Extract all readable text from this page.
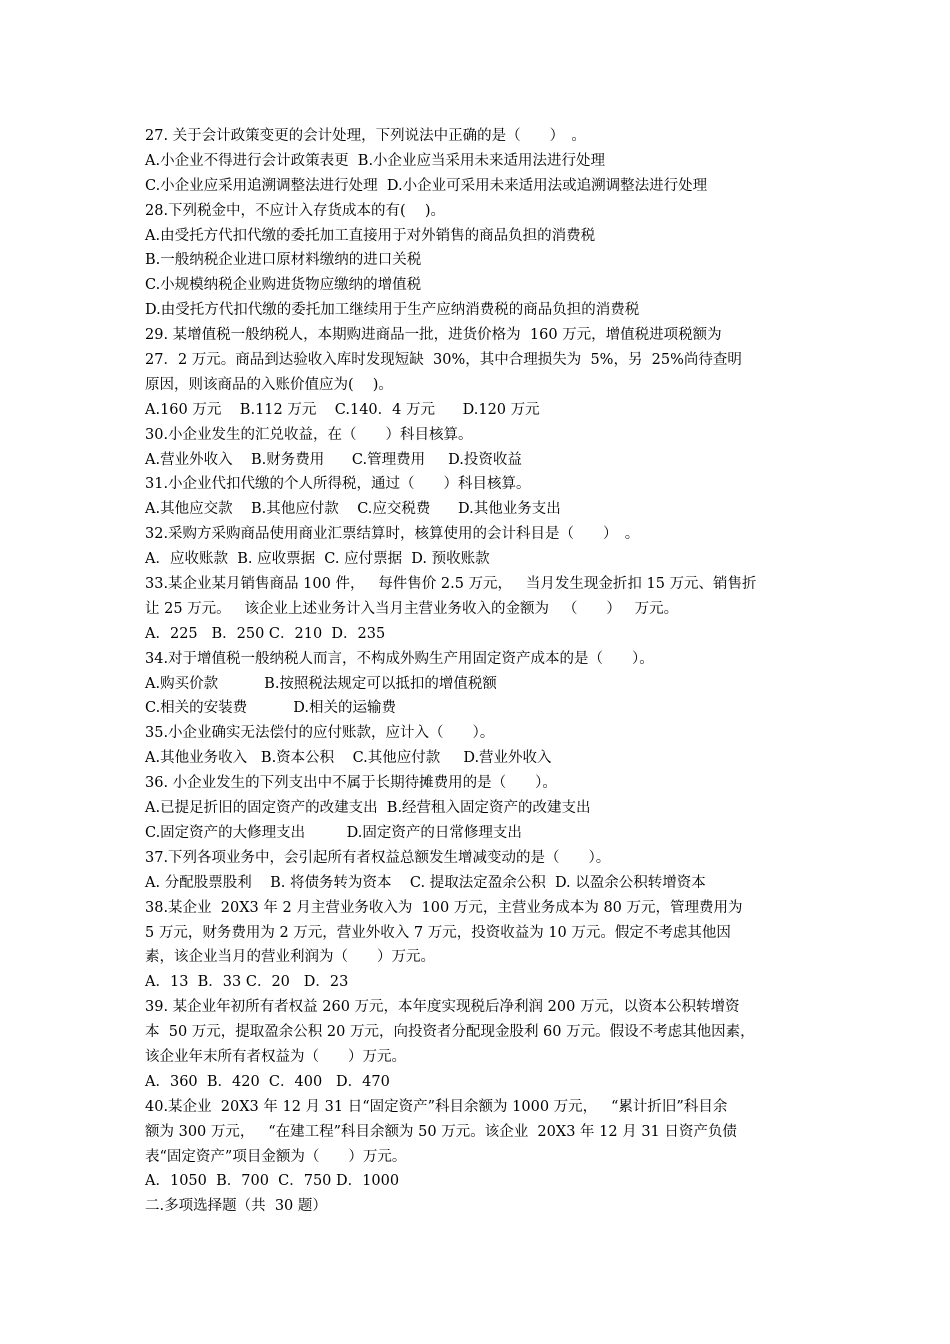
27. 关于会计政策变更的会计处理，下列说法中正确的是（　　）　。
A.小企业不得进行会计政策表更  B.小企业应当采用未来适用法进行处理
C.小企业应采用追溯调整法进行处理  D.小企业可采用未来适用法或追溯调整法进行处理
28.下列税金中，不应计入存货成本的有(　 )。
A.由受托方代扣代缴的委托加工直接用于对外销售的商品负担的消费税
B.一般纳税企业进口原材料缴纳的进口关税
C.小规模纳税企业购进货物应缴纳的增值税
D.由受托方代扣代缴的委托加工继续用于生产应纳消费税的商品负担的消费税
29. 某增值税一般纳税人，本期购进商品一批，进货价格为  160 万元，增值税进项税额为
27．2 万元。商品到达验收入库时发现短缺  30%，其中合理损失为  5%，另  25%尚待查明
原因，则该商品的入账价值应为(　 )。
A.160 万元    B.112 万元    C.140．4 万元      D.120 万元
30.小企业发生的汇兑收益，在（　　）科目核算。
A.营业外收入    B.财务费用      C.管理费用     D.投资收益
31.小企业代扣代缴的个人所得税，通过（　　）科目核算。
A.其他应交款    B.其他应付款    C.应交税费      D.其他业务支出
32.采购方采购商品使用商业汇票结算时，核算使用的会计科目是（　　）　。
A．应收账款  B. 应收票据  C. 应付票据  D. 预收账款
33.某企业某月销售商品 100 件，   每件售价 2.5 万元，   当月发生现金折扣 15 万元、销售折
让 25 万元。   该企业上述业务计入当月主营业务收入的金额为   （　　）   万元。
A．225   B．250 C．210  D．235
34.对于增值税一般纳税人而言，不构成外购生产用固定资产成本的是（　　）。
A.购买价款          B.按照税法规定可以抵扣的增值税额
C.相关的安装费          D.相关的运输费
35.小企业确实无法偿付的应付账款，应计入（　　）。
A.其他业务收入   B.资本公积    C.其他应付款     D.营业外收入
36. 小企业发生的下列支出中不属于长期待摊费用的是（　　）。
A.已提足折旧的固定资产的改建支出  B.经营租入固定资产的改建支出
C.固定资产的大修理支出         D.固定资产的日常修理支出
37.下列各项业务中，会引起所有者权益总额发生增减变动的是（　　）。
A. 分配股票股利    B. 将债务转为资本    C. 提取法定盈余公积  D. 以盈余公积转增资本
38.某企业  20X3 年 2 月主营业务收入为  100 万元，主营业务成本为 80 万元，管理费用为
5 万元，财务费用为 2 万元，营业外收入 7 万元，投资收益为 10 万元。假定不考虑其他因
素，该企业当月的营业利润为（　　）万元。
A．13  B．33 C．20   D．23
39. 某企业年初所有者权益 260 万元，本年度实现税后净利润 200 万元，以资本公积转增资
本  50 万元，提取盈余公积 20 万元，向投资者分配现金股利 60 万元。假设不考虑其他因素，
该企业年末所有者权益为（　　）万元。
A．360  B．420  C．400   D．470
40.某企业  20X3 年 12 月 31 日“固定资产”科目余额为 1000 万元，   “累计折旧”科目余
额为 300 万元，   “在建工程”科目余额为 50 万元。该企业  20X3 年 12 月 31 日资产负债
表“固定资产”项目金额为（　　）万元。
A．1050  B．700  C．750 D．1000
二.多项选择题（共  30 题）
